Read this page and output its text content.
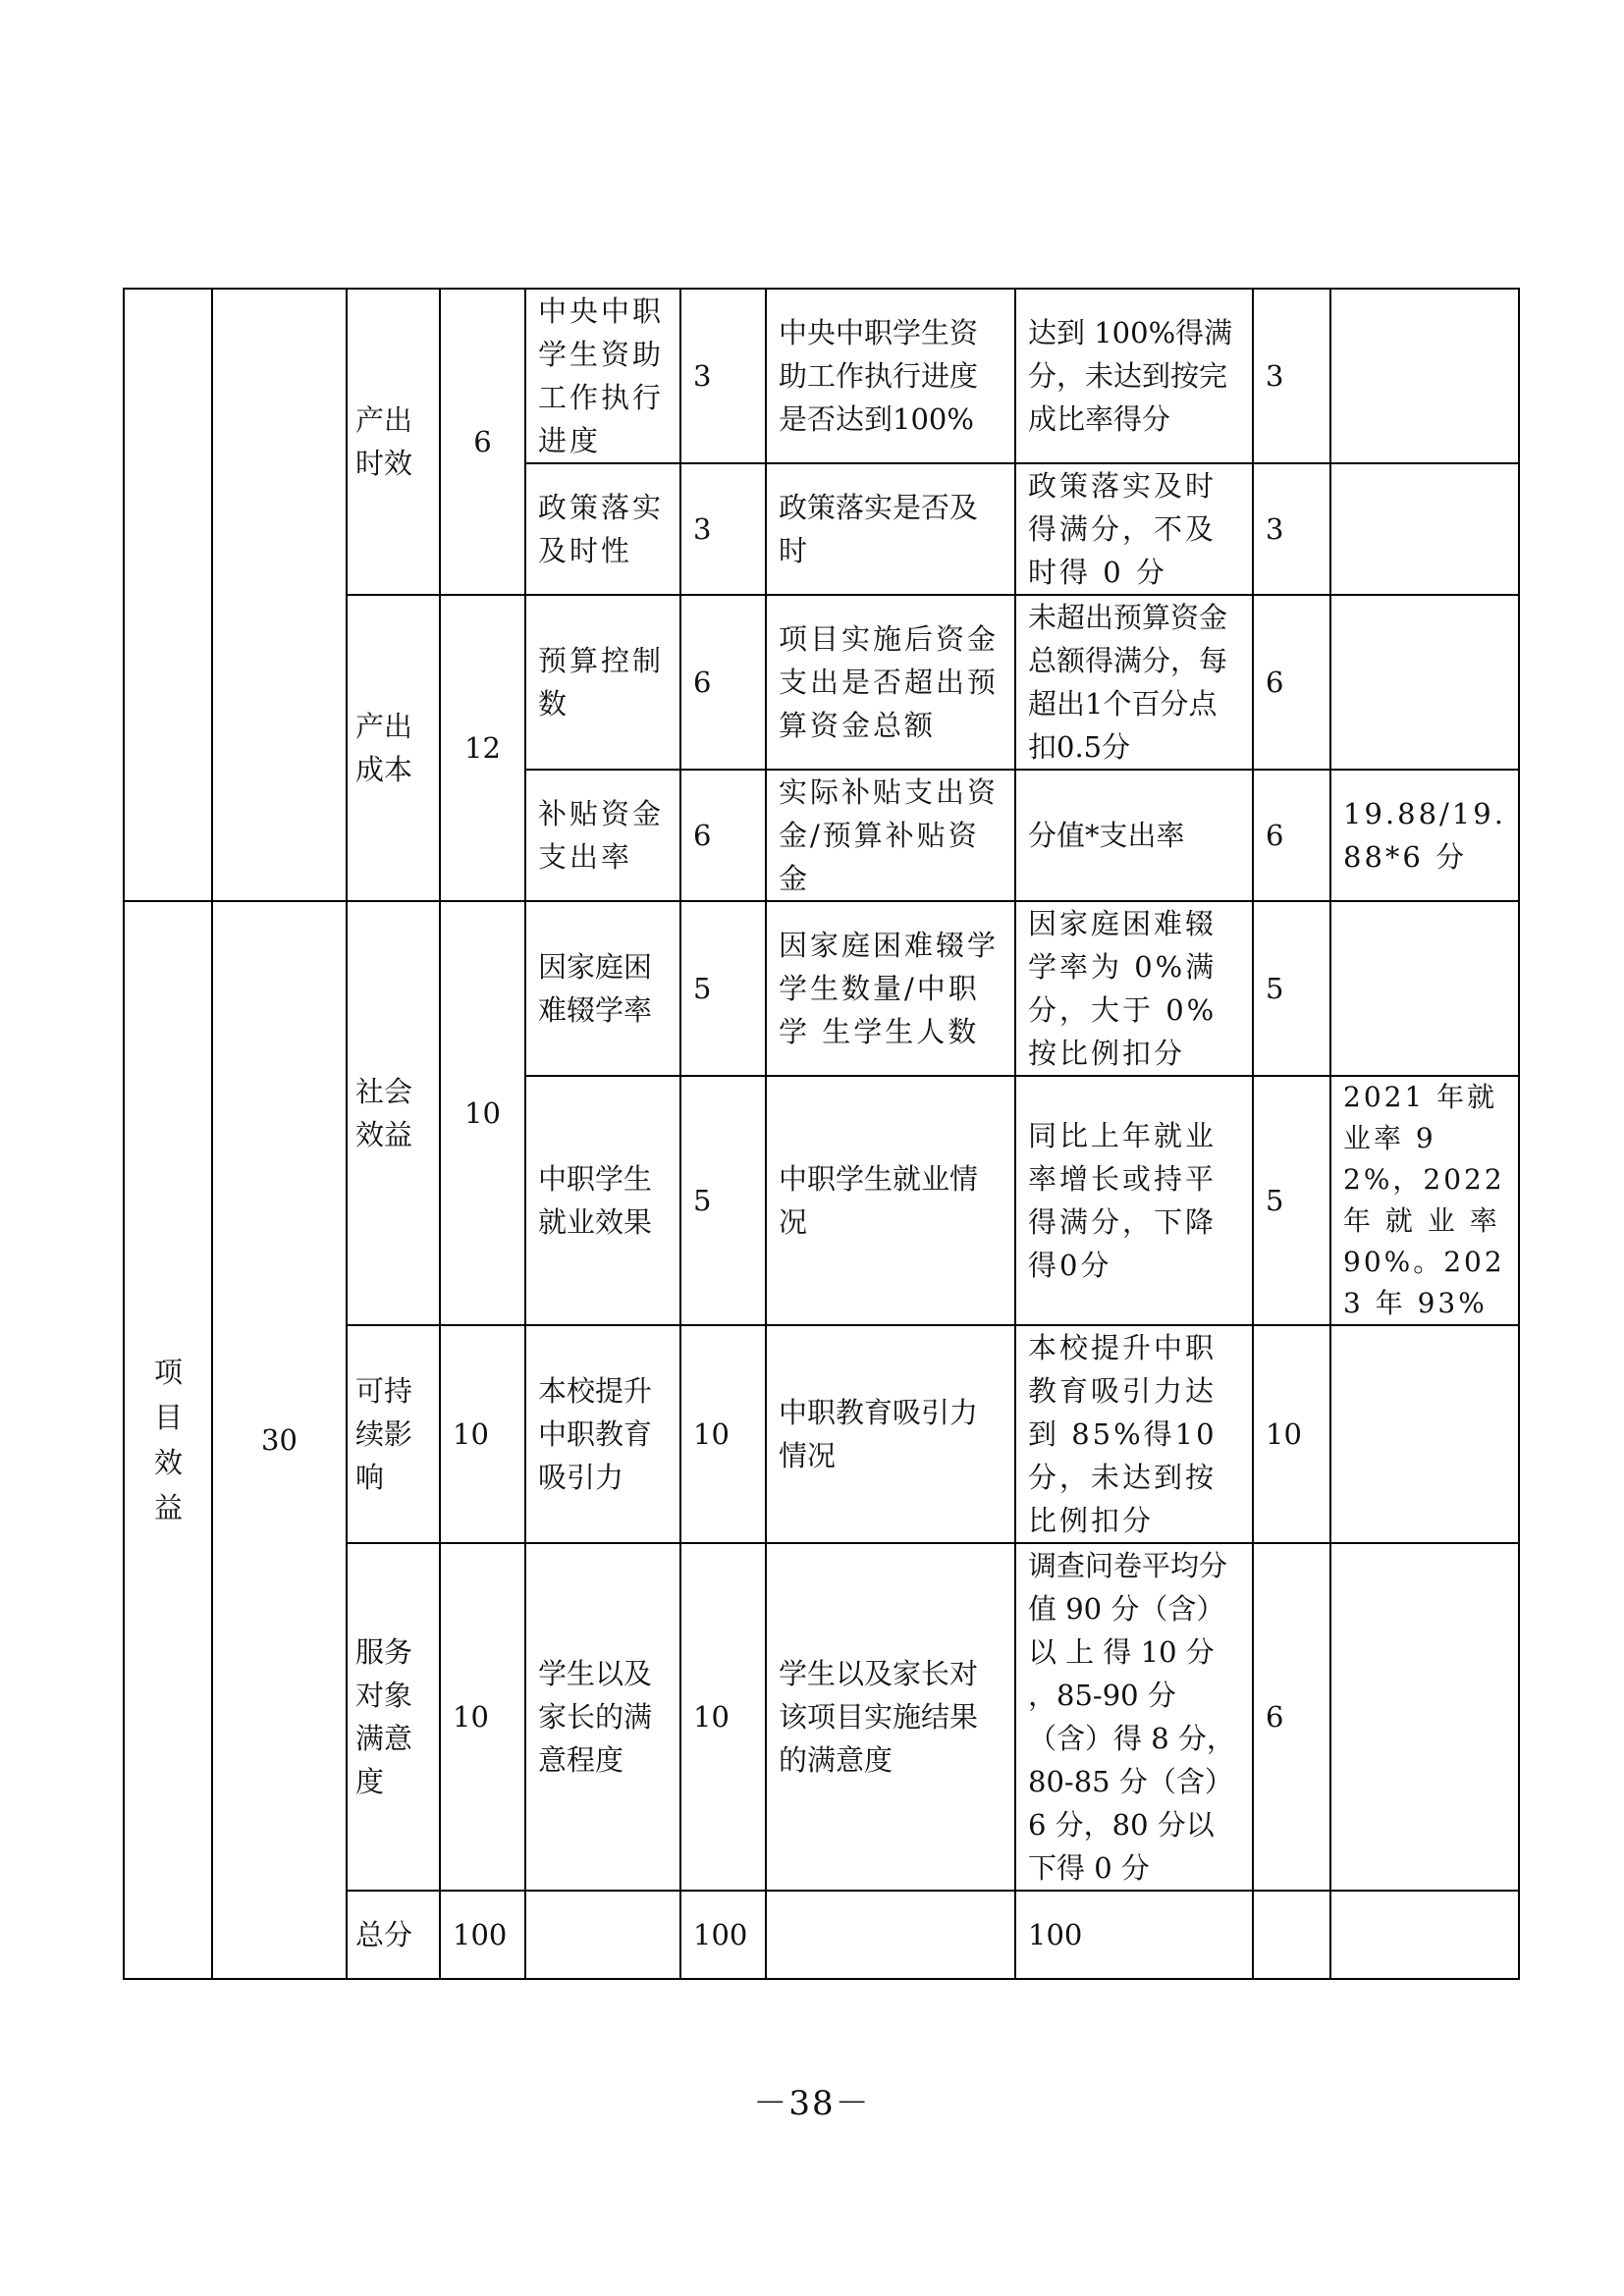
		产出时效	6	中央中职学生资助工作执行进度	3	中央中职学生资助工作执行进度是否达到100%	达到 100%得满分，未达到按完成比率得分	3		
				政策落实及时性	3	政策落实是否及时	政策落实及时得满分，不及时得 0 分	3		
		产出成本	12	预算控制数	6	项目实施后资金支出是否超出预算资金总额	未超出预算资金总额得满分，每超出1个百分点扣0.5分	6		
				补贴资金支出率	6	实际补贴支出资金/预算补贴资金	分值*支出率	6	19.88/19.88*6 分	
项目效益	30	社会效益	10	因家庭困难辍学率	5	因家庭困难辍学学生数量/中职学 生学生人数	因家庭困难辍学率为 0%满分，大于 0%按比例扣分	5		
				中职学生就业效果	5	中职学生就业情况	同比上年就业率增长或持平得满分，下降得0分	5	2021 年就业率 92%，2022 年 就 业 率 90%。2023 年 93%	
		可持续影响	10	本校提升中职教育吸引力	10	中职教育吸引力情况	本校提升中职教育吸引力达到 85%得10分，未达到按比例扣分	10		
		服务对象满意度	10	学生以及家长的满意程度	10	学生以及家长对该项目实施结果的满意度	调查问卷平均分值 90 分（含）以 上 得 10 分 ，85-90 分（含）得 8 分，80-85 分（含）6 分，80 分以下得 0 分	6		
		总分	100		100		100				
－38－
